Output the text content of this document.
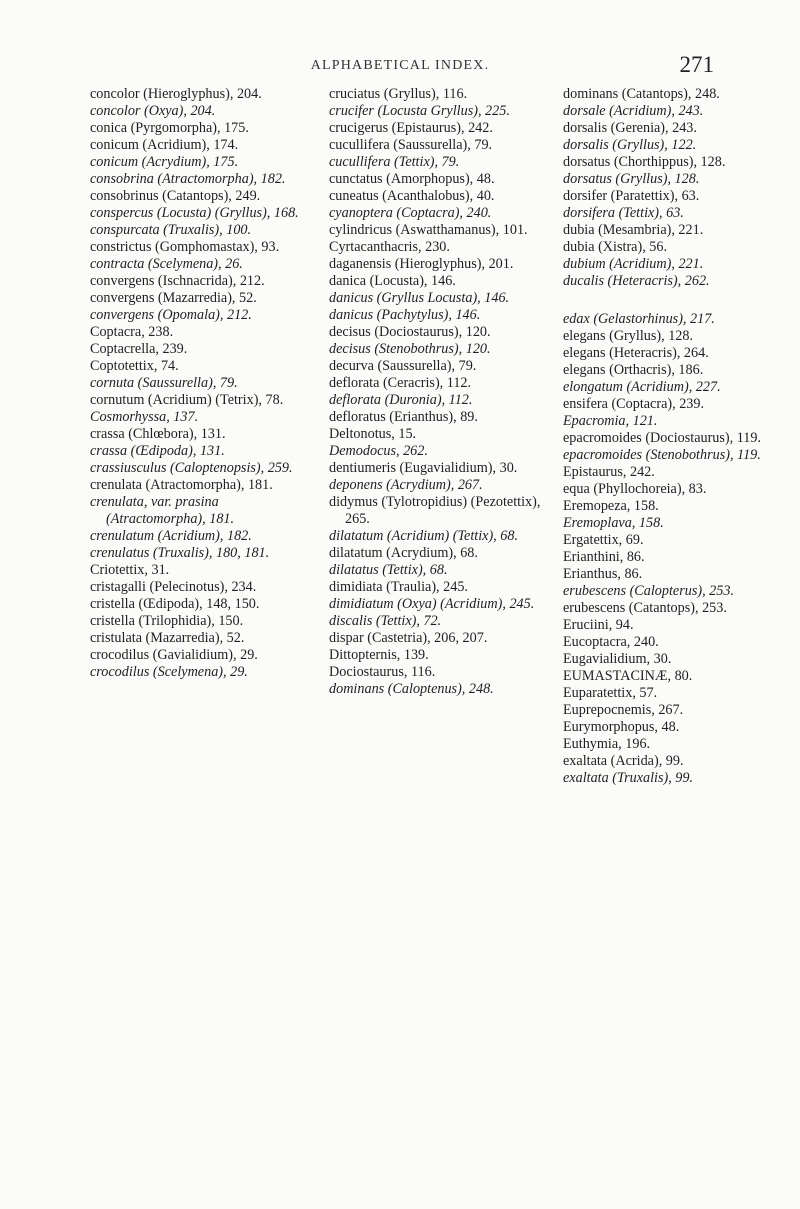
ALPHABETICAL INDEX.	271

concolor (Hieroglyphus), 204.

concolor (Oxya), 204.

conica (Pyrgomorpha), 175.

conicum (Acridium), 174.

conicum (Acrydium), 175.

consobrina (Atractomorpha), 182.

consobrinus (Catantops), 249.

conspercus (Locusta) (Gryllus), 168.

conspurcata (Truxalis), 100.

constrictus (Gomphomastax), 93.

contracta (Scelymena), 26.

convergens (Ischnacrida), 212.

convergens (Mazarredia), 52.

convergens (Opomala), 212.

Coptacra, 238.

Coptacrella, 239.

Coptotettix, 74.

cornuta (Saussurella), 79.

cornutum (Acridium) (Tetrix), 78.

Cosmorhyssa, 137.

crassa (Chlœbora), 131.

crassa (Œdipoda), 131.

crassiusculus (Caloptenopsis), 259.

crenulata (Atractomorpha), 181.

crenulata, var. prasina (Atractomorpha), 181.

crenulatum (Acridium), 182.

crenulatus (Truxalis), 180, 181.

Criotettix, 31.

cristagalli (Pelecinotus), 234.

cristella (Œdipoda), 148, 150.

cristella (Trilophidia), 150.

cristulata (Mazarredia), 52.

crocodilus (Gavialidium), 29.

crocodilus (Scelymena), 29.

cruciatus (Gryllus), 116.

crucifer (Locusta Gryllus), 225.

crucigerus (Epistaurus), 242.

cucullifera (Saussurella), 79.

cucullifera (Tettix), 79.

cunctatus (Amorphopus), 48.

cuneatus (Acanthalobus), 40.

cyanoptera (Coptacra), 240.

cylindricus (Aswatthamanus), 101.

Cyrtacanthacris, 230.

daganensis (Hieroglyphus), 201.

danica (Locusta), 146.

danicus (Gryllus Locusta), 146.

danicus (Pachytylus), 146.

decisus (Dociostaurus), 120.

decisus (Stenobothrus), 120.

decurva (Saussurella), 79.

deflorata (Ceracris), 112.

deflorata (Duronia), 112.

defloratus (Erianthus), 89.

Deltonotus, 15.

Demodocus, 262.

dentiumeris (Eugavialidium), 30.

deponens (Acrydium), 267.

didymus (Tylotropidius) (Pezotettix), 265.

dilatatum (Acridium) (Tettix), 68.

dilatatum (Acrydium), 68.

dilatatus (Tettix), 68.

dimidiata (Traulia), 245.

dimidiatum (Oxya) (Acridium), 245.

discalis (Tettix), 72.

dispar (Castetria), 206, 207.

Dittopternis, 139.

Dociostaurus, 116.

dominans (Caloptenus), 248.

dominans (Catantops), 248.

dorsale (Acridium), 243.

dorsalis (Gerenia), 243.

dorsalis (Gryllus), 122.

dorsatus (Chorthippus), 128.

dorsatus (Gryllus), 128.

dorsifer (Paratettix), 63.

dorsifera (Tettix), 63.

dubia (Mesambria), 221.

dubia (Xistra), 56.

dubium (Acridium), 221.

ducalis (Heteracris), 262.

edax (Gelastorhinus), 217.

elegans (Gryllus), 128.

elegans (Heteracris), 264.

elegans (Orthacris), 186.

elongatum (Acridium), 227.

ensifera (Coptacra), 239.

Epacromia, 121.

epacromoides (Dociostaurus), 119.

epacromoides (Stenobothrus), 119.

Epistaurus, 242.

equa (Phyllochoreia), 83.

Eremopeza, 158.

Eremoplava, 158.

Ergatettix, 69.

Erianthini, 86.

Erianthus, 86.

erubescens (Calopterus), 253.

erubescens (Catantops), 253.

Eruciini, 94.

Eucoptacra, 240.

Eugavialidium, 30.

EUMASTACINÆ, 80.

Euparatettix, 57.

Euprepocnemis, 267.

Eurymorphopus, 48.

Euthymia, 196.

exaltata (Acrida), 99.

exaltata (Truxalis), 99.
